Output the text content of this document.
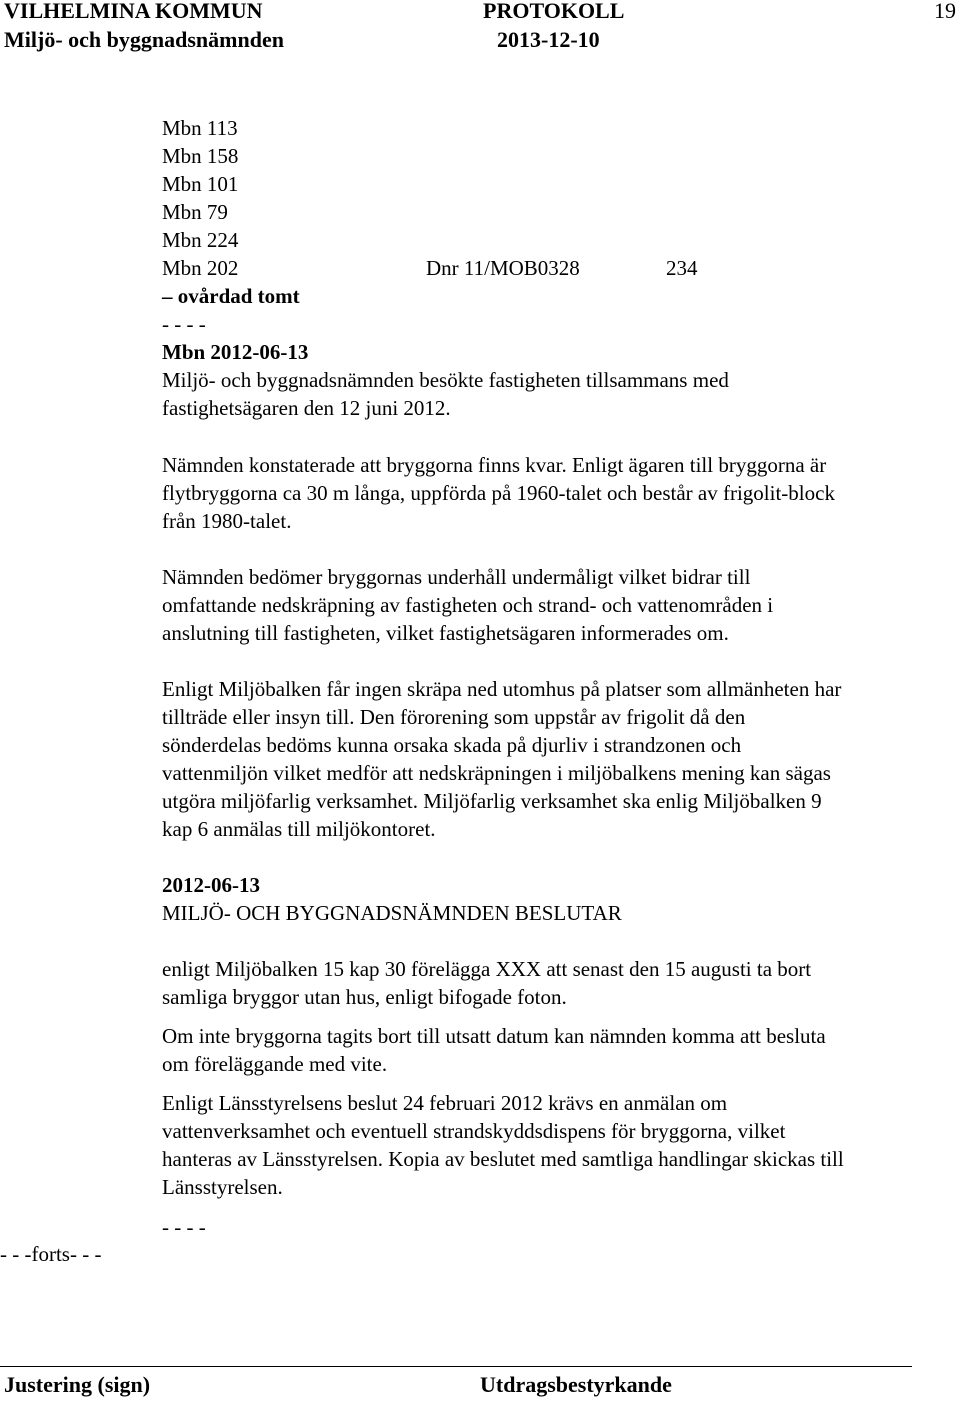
VILHELMINA KOMMUN	PROTOKOLL	19
Miljö- och byggnadsnämnden	2013-12-10
Mbn 113
Mbn 158
Mbn 101
Mbn 79
Mbn 224
Mbn 202	Dnr 11/MOB0328	234
– ovårdad tomt
- - - -
Mbn 2012-06-13
Miljö- och byggnadsnämnden besökte fastigheten tillsammans med
fastighetsägaren den 12 juni 2012.
Nämnden konstaterade att bryggorna finns kvar. Enligt ägaren till bryggorna är
flytbryggorna ca 30 m långa, uppförda på 1960-talet och består av frigolit-block
från 1980-talet.
Nämnden bedömer bryggornas underhåll undermåligt vilket bidrar till
omfattande nedskräpning av fastigheten och strand- och vattenområden i
anslutning till fastigheten, vilket fastighetsägaren informerades om.
Enligt Miljöbalken får ingen skräpa ned utomhus på platser som allmänheten har
tillträde eller insyn till. Den förorening som uppstår av frigolit då den
sönderdelas bedöms kunna orsaka skada på djurliv i strandzonen och
vattenmiljön vilket medför att nedskräpningen i miljöbalkens mening kan sägas
utgöra miljöfarlig verksamhet. Miljöfarlig verksamhet ska enlig Miljöbalken 9
kap 6 anmälas till miljökontoret.
2012-06-13
MILJÖ- OCH BYGGNADSNÄMNDEN BESLUTAR
enligt Miljöbalken 15 kap 30 förelägga XXX att senast den 15 augusti ta bort
samliga bryggor utan hus, enligt bifogade foton.
Om inte bryggorna tagits bort till utsatt datum kan nämnden komma att besluta
om föreläggande med vite.
Enligt Länsstyrelsens beslut 24 februari 2012 krävs en anmälan om
vattenverksamhet och eventuell strandskyddsdispens för bryggorna, vilket
hanteras av Länsstyrelsen. Kopia av beslutet med samtliga handlingar skickas till
Länsstyrelsen.
- - - -
- - -forts- - -
Justering (sign)	Utdragsbestyrkande
